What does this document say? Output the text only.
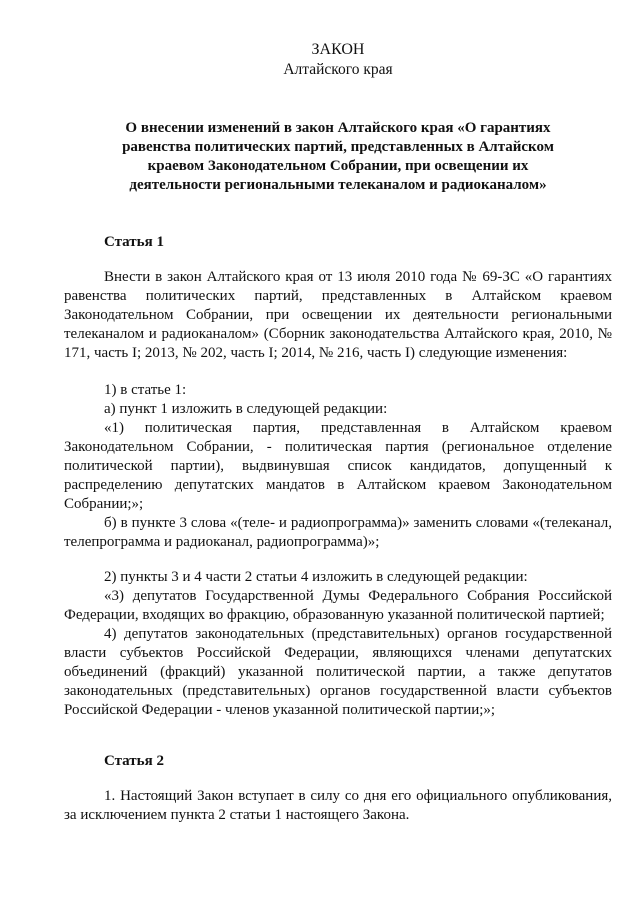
ЗАКОН
Алтайского края
О внесении изменений в закон Алтайского края «О гарантиях равенства политических партий, представленных в Алтайском краевом Законодательном Собрании, при освещении их деятельности региональными телеканалом и радиоканалом»
Статья 1

Внести в закон Алтайского края от 13 июля 2010 года № 69-ЗС «О гарантиях равенства политических партий, представленных в Алтайском краевом Законодательном Собрании, при освещении их деятельности региональными телеканалом и радиоканалом» (Сборник законодательства Алтайского края, 2010, № 171, часть I; 2013, № 202, часть I; 2014, № 216, часть I) следующие изменения:

1) в статье 1:

а) пункт 1 изложить в следующей редакции:

«1) политическая партия, представленная в Алтайском краевом Законодательном Собрании, - политическая партия (региональное отделение политической партии), выдвинувшая список кандидатов, допущенный к распределению депутатских мандатов в Алтайском краевом Законодательном Собрании;»;

б) в пункте 3 слова «(теле- и радиопрограмма)» заменить словами «(телеканал, телепрограмма и радиоканал, радиопрограмма)»;

2) пункты 3 и 4 части 2 статьи 4 изложить в следующей редакции:

«3) депутатов Государственной Думы Федерального Собрания Российской Федерации, входящих во фракцию, образованную указанной политической партией;

4) депутатов законодательных (представительных) органов государственной власти субъектов Российской Федерации, являющихся членами депутатских объединений (фракций) указанной политической партии, а также депутатов законодательных (представительных) органов государственной власти субъектов Российской Федерации - членов указанной политической партии;»;

Статья 2

1. Настоящий Закон вступает в силу со дня его официального опубликования, за исключением пункта 2 статьи 1 настоящего Закона.
